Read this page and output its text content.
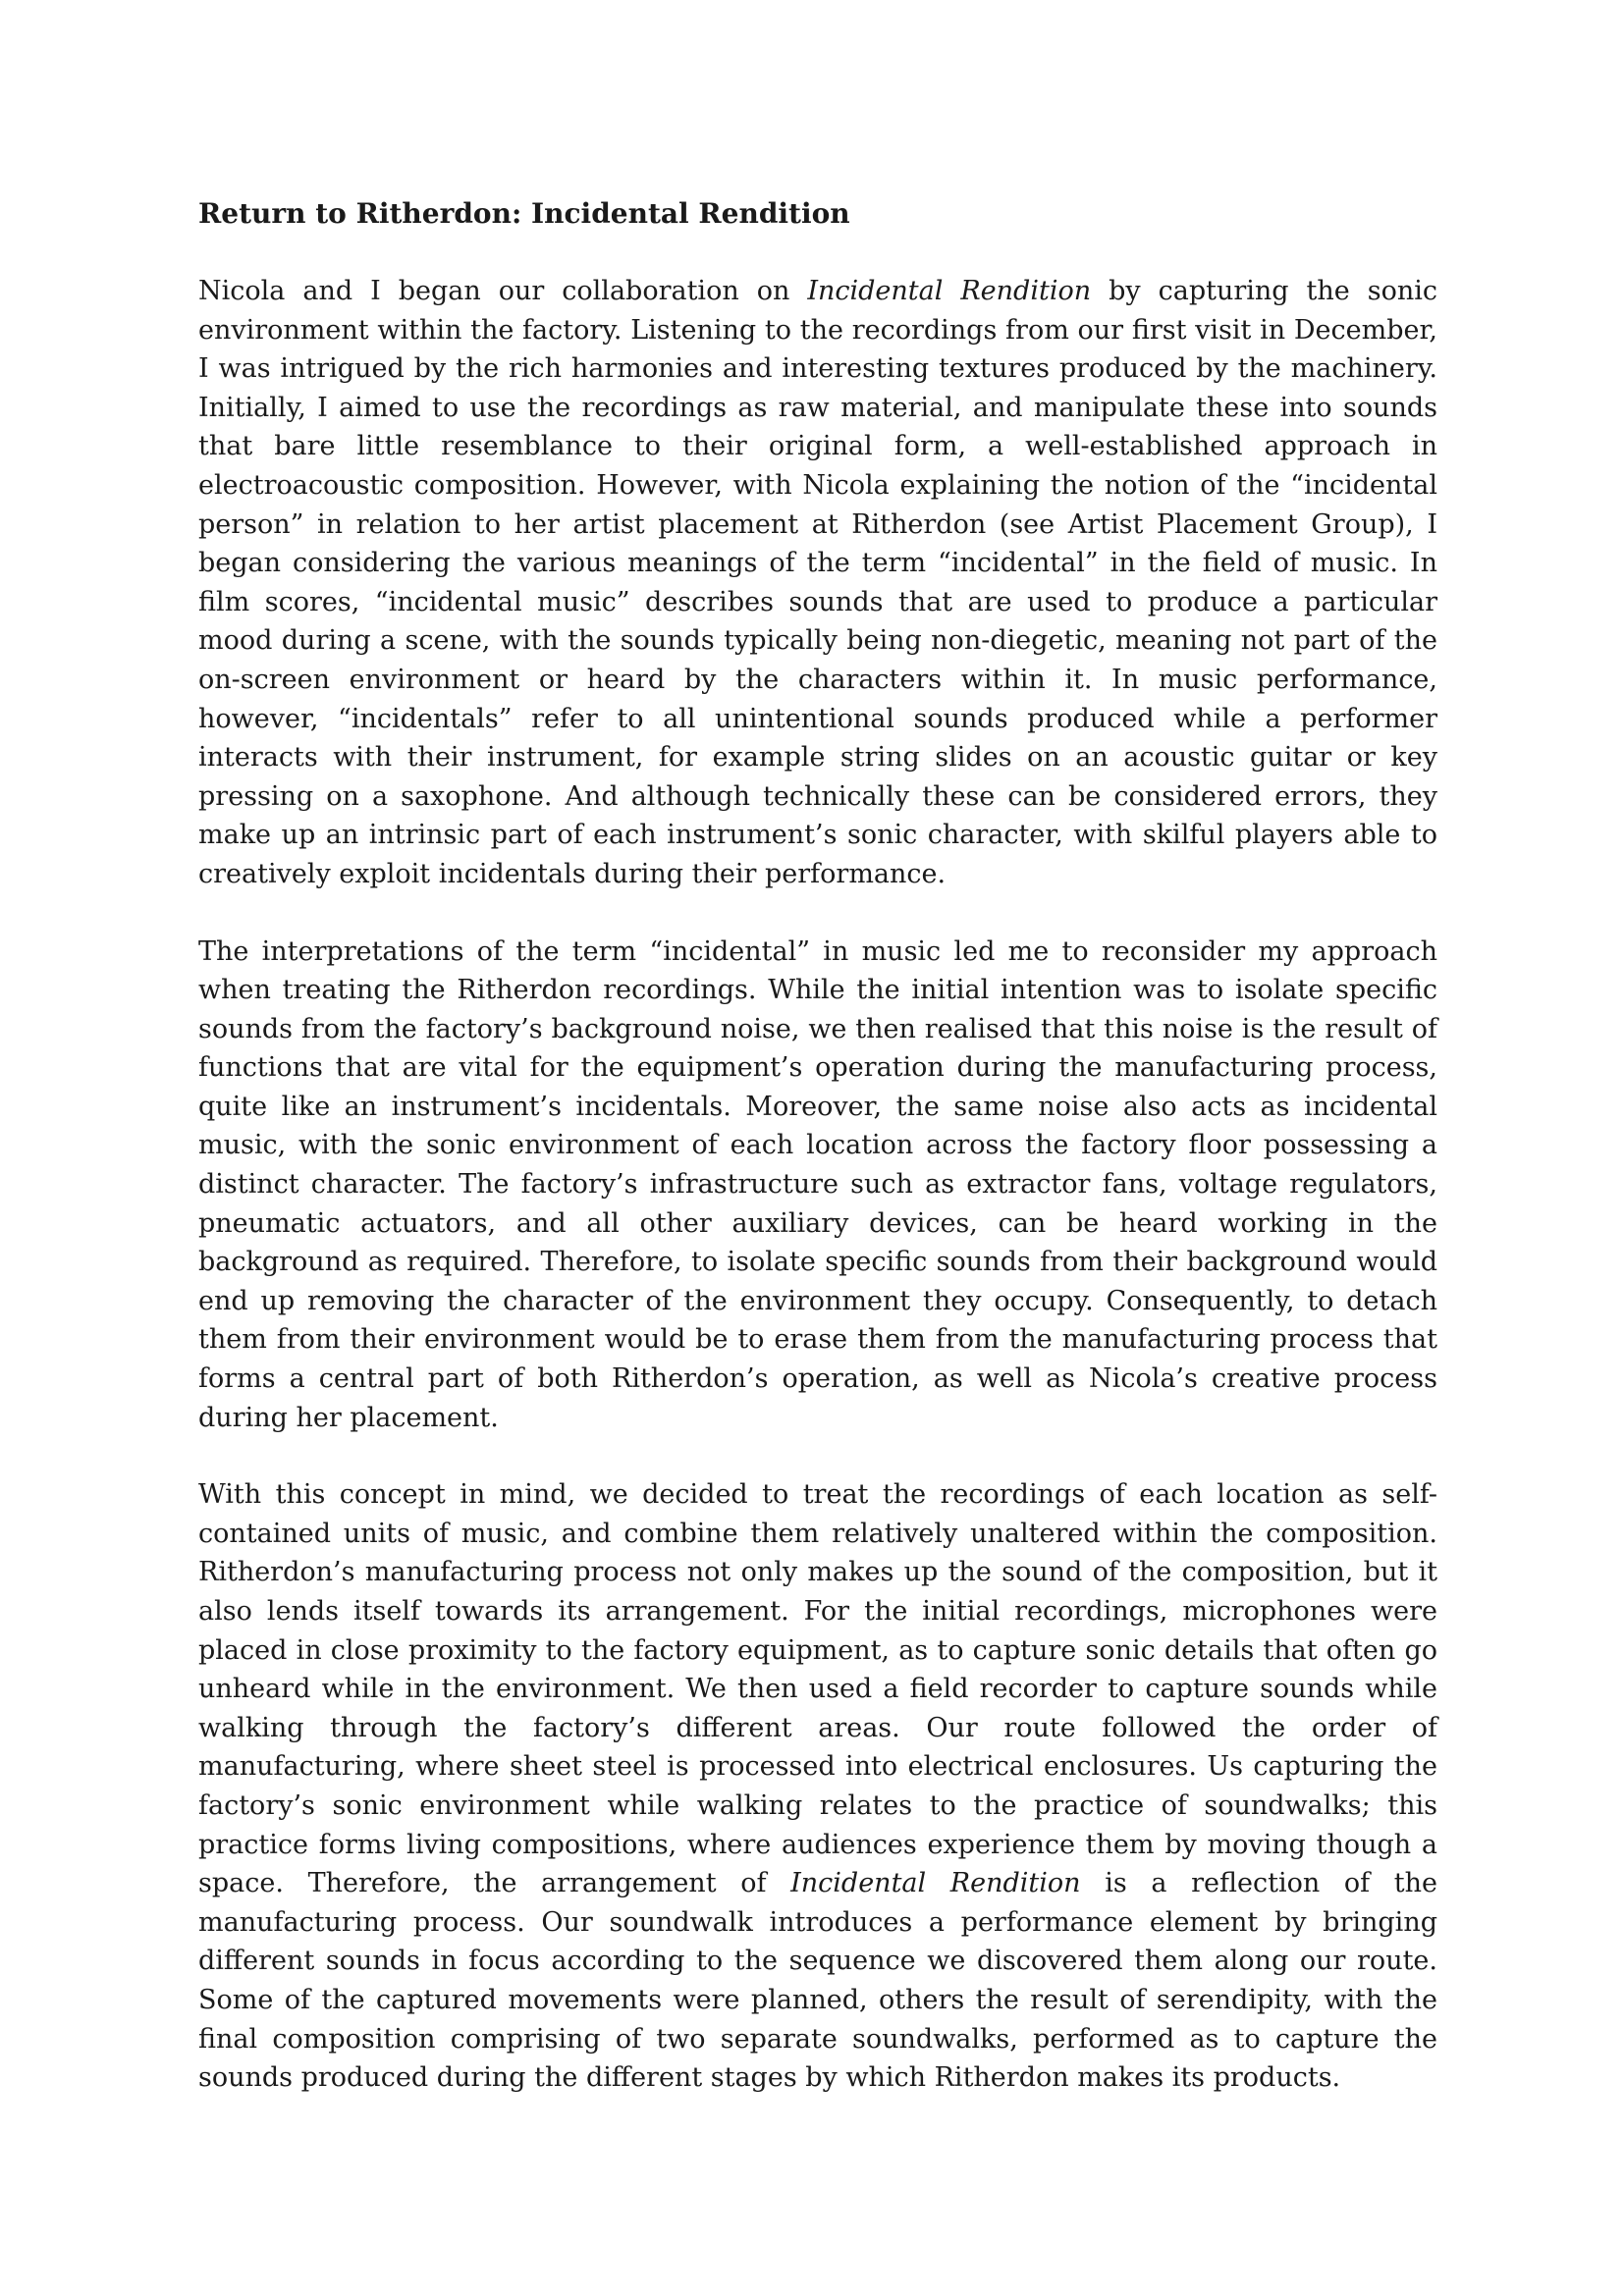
Return to Ritherdon: Incidental Rendition

Nicola and I began our collaboration on Incidental Rendition by capturing the sonic environment within the factory. Listening to the recordings from our first visit in December, I was intrigued by the rich harmonies and interesting textures produced by the machinery. Initially, I aimed to use the recordings as raw material, and manipulate these into sounds that bare little resemblance to their original form, a well-established approach in electroacoustic composition. However, with Nicola explaining the notion of the “incidental person” in relation to her artist placement at Ritherdon (see Artist Placement Group), I began considering the various meanings of the term “incidental” in the field of music. In film scores, “incidental music” describes sounds that are used to produce a particular mood during a scene, with the sounds typically being non-diegetic, meaning not part of the on-screen environment or heard by the characters within it. In music performance, however, “incidentals” refer to all unintentional sounds produced while a performer interacts with their instrument, for example string slides on an acoustic guitar or key pressing on a saxophone. And although technically these can be considered errors, they make up an intrinsic part of each instrument’s sonic character, with skilful players able to creatively exploit incidentals during their performance.

The interpretations of the term “incidental” in music led me to reconsider my approach when treating the Ritherdon recordings. While the initial intention was to isolate specific sounds from the factory’s background noise, we then realised that this noise is the result of functions that are vital for the equipment’s operation during the manufacturing process, quite like an instrument’s incidentals. Moreover, the same noise also acts as incidental music, with the sonic environment of each location across the factory floor possessing a distinct character. The factory’s infrastructure such as extractor fans, voltage regulators, pneumatic actuators, and all other auxiliary devices, can be heard working in the background as required. Therefore, to isolate specific sounds from their background would end up removing the character of the environment they occupy. Consequently, to detach them from their environment would be to erase them from the manufacturing process that forms a central part of both Ritherdon’s operation, as well as Nicola’s creative process during her placement.

With this concept in mind, we decided to treat the recordings of each location as self-contained units of music, and combine them relatively unaltered within the composition. Ritherdon’s manufacturing process not only makes up the sound of the composition, but it also lends itself towards its arrangement. For the initial recordings, microphones were placed in close proximity to the factory equipment, as to capture sonic details that often go unheard while in the environment. We then used a field recorder to capture sounds while walking through the factory’s different areas. Our route followed the order of manufacturing, where sheet steel is processed into electrical enclosures. Us capturing the factory’s sonic environment while walking relates to the practice of soundwalks; this practice forms living compositions, where audiences experience them by moving though a space. Therefore, the arrangement of Incidental Rendition is a reflection of the manufacturing process. Our soundwalk introduces a performance element by bringing different sounds in focus according to the sequence we discovered them along our route. Some of the captured movements were planned, others the result of serendipity, with the final composition comprising of two separate soundwalks, performed as to capture the sounds produced during the different stages by which Ritherdon makes its products.
